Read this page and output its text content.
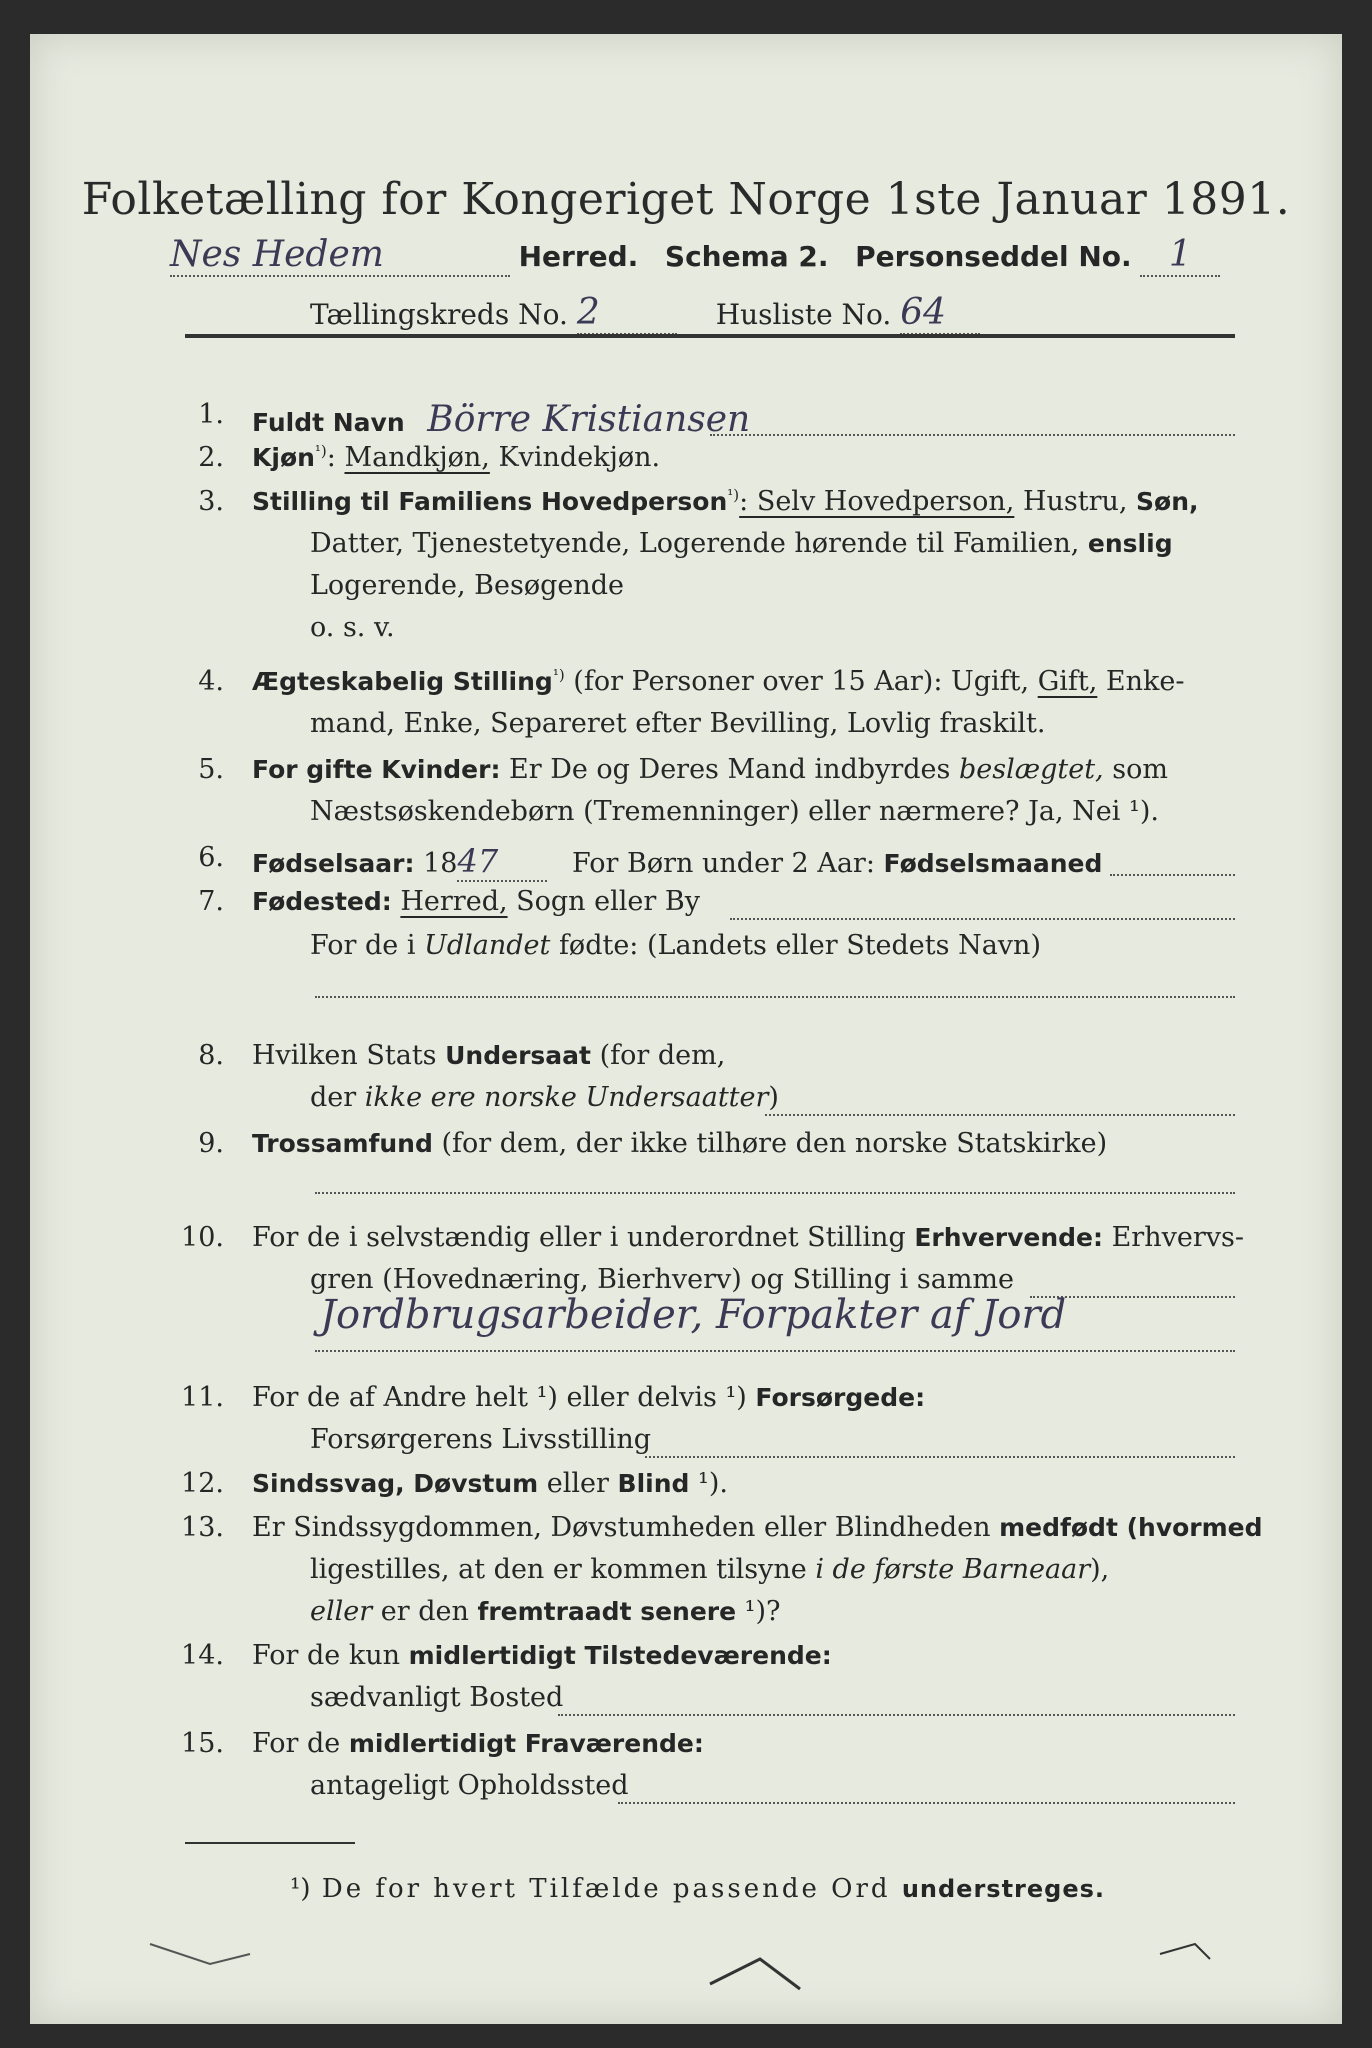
Folketælling for Kongeriget Norge 1ste Januar 1891.
Nes Hedem	Herred. Schema 2. Personseddel No. 1
Tællingskreds No. 2	Husliste No. 64
1. Fuldt Navn Börre Kristiansen
2. Kjøn$^{^1)}$: Mandkjøn, Kvindekjøn.
3. Stilling til Familiens Hovedperson$^{^1)}$: Selv Hovedperson, Hustru, Søn,
Datter, Tjenestetyende, Logerende hørende til Familien, enslig
Logerende, Besøgende
o. s. v.
4. Ægteskabelig Stilling$^{^1)}$ (for Personer over 15 Aar): Ugift, Gift, Enke-
mand, Enke, Separeret efter Bevilling, Lovlig fraskilt.
5. For gifte Kvinder: Er De og Deres Mand indbyrdes beslægtet, som
Næstsøskendebørn (Tremenninger) eller nærmere? Ja, Nei ¹).
6. Fødselsaar: 1847	For Børn under 2 Aar: Fødselsmaaned
7. Fødested: Herred, Sogn eller By
For de i Udlandet fødte: (Landets eller Stedets Navn)
8. Hvilken Stats Undersaat (for dem,
der ikke ere norske Undersaatter)
9. Trossamfund (for dem, der ikke tilhøre den norske Statskirke)
10. For de i selvstændig eller i underordnet Stilling Erhvervende: Erhvervs-
gren (Hovednæring, Bierhverv) og Stilling i samme
Jordbrugsarbeider, Forpakter af Jord
11. For de af Andre helt ¹) eller delvis ¹) Forsørgede:
Forsørgerens Livsstilling
12. Sindssvag, Døvstum eller Blind ¹).
13. Er Sindssygdommen, Døvstumheden eller Blindheden medfødt (hvormed
ligestilles, at den er kommen tilsyne i de første Barneaar),
eller er den fremtraadt senere ¹)?
14. For de kun midlertidigt Tilstedeværende:
sædvanligt Bosted
15. For de midlertidigt Fraværende:
antageligt Opholdssted
¹) De for hvert Tilfælde passende Ord understreges.
